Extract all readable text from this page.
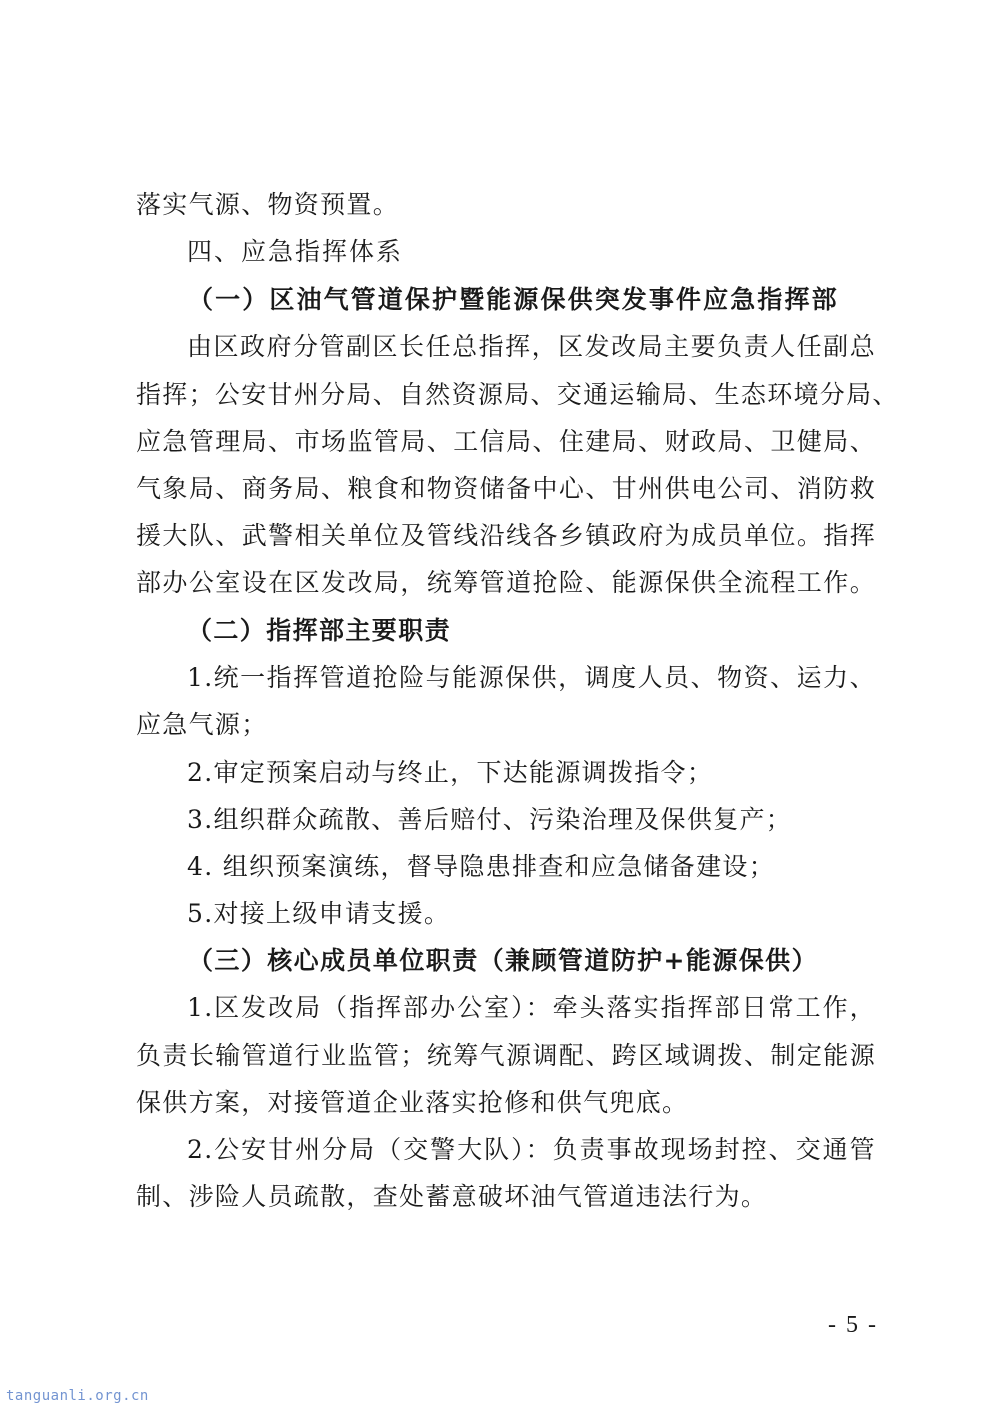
落实气源、物资预置。
四、应急指挥体系
（一）区油气管道保护暨能源保供突发事件应急指挥部
由区政府分管副区长任总指挥，区发改局主要负责人任副总
指挥；公安甘州分局、自然资源局、交通运输局、生态环境分局、
应急管理局、市场监管局、工信局、住建局、财政局、卫健局、
气象局、商务局、粮食和物资储备中心、甘州供电公司、消防救
援大队、武警相关单位及管线沿线各乡镇政府为成员单位。指挥
部办公室设在区发改局，统筹管道抢险、能源保供全流程工作。
（二）指挥部主要职责
1.统一指挥管道抢险与能源保供，调度人员、物资、运力、
应急气源；
2.审定预案启动与终止，下达能源调拨指令；
3.组织群众疏散、善后赔付、污染治理及保供复产；
4. 组织预案演练，督导隐患排查和应急储备建设；
5.对接上级申请支援。
（三）核心成员单位职责（兼顾管道防护+能源保供）
1.区发改局（指挥部办公室）：牵头落实指挥部日常工作，
负责长输管道行业监管；统筹气源调配、跨区域调拨、制定能源
保供方案，对接管道企业落实抢修和供气兜底。
2.公安甘州分局（交警大队）：负责事故现场封控、交通管
制、涉险人员疏散，查处蓄意破坏油气管道违法行为。
- 5 -
tanguanli.org.cn
